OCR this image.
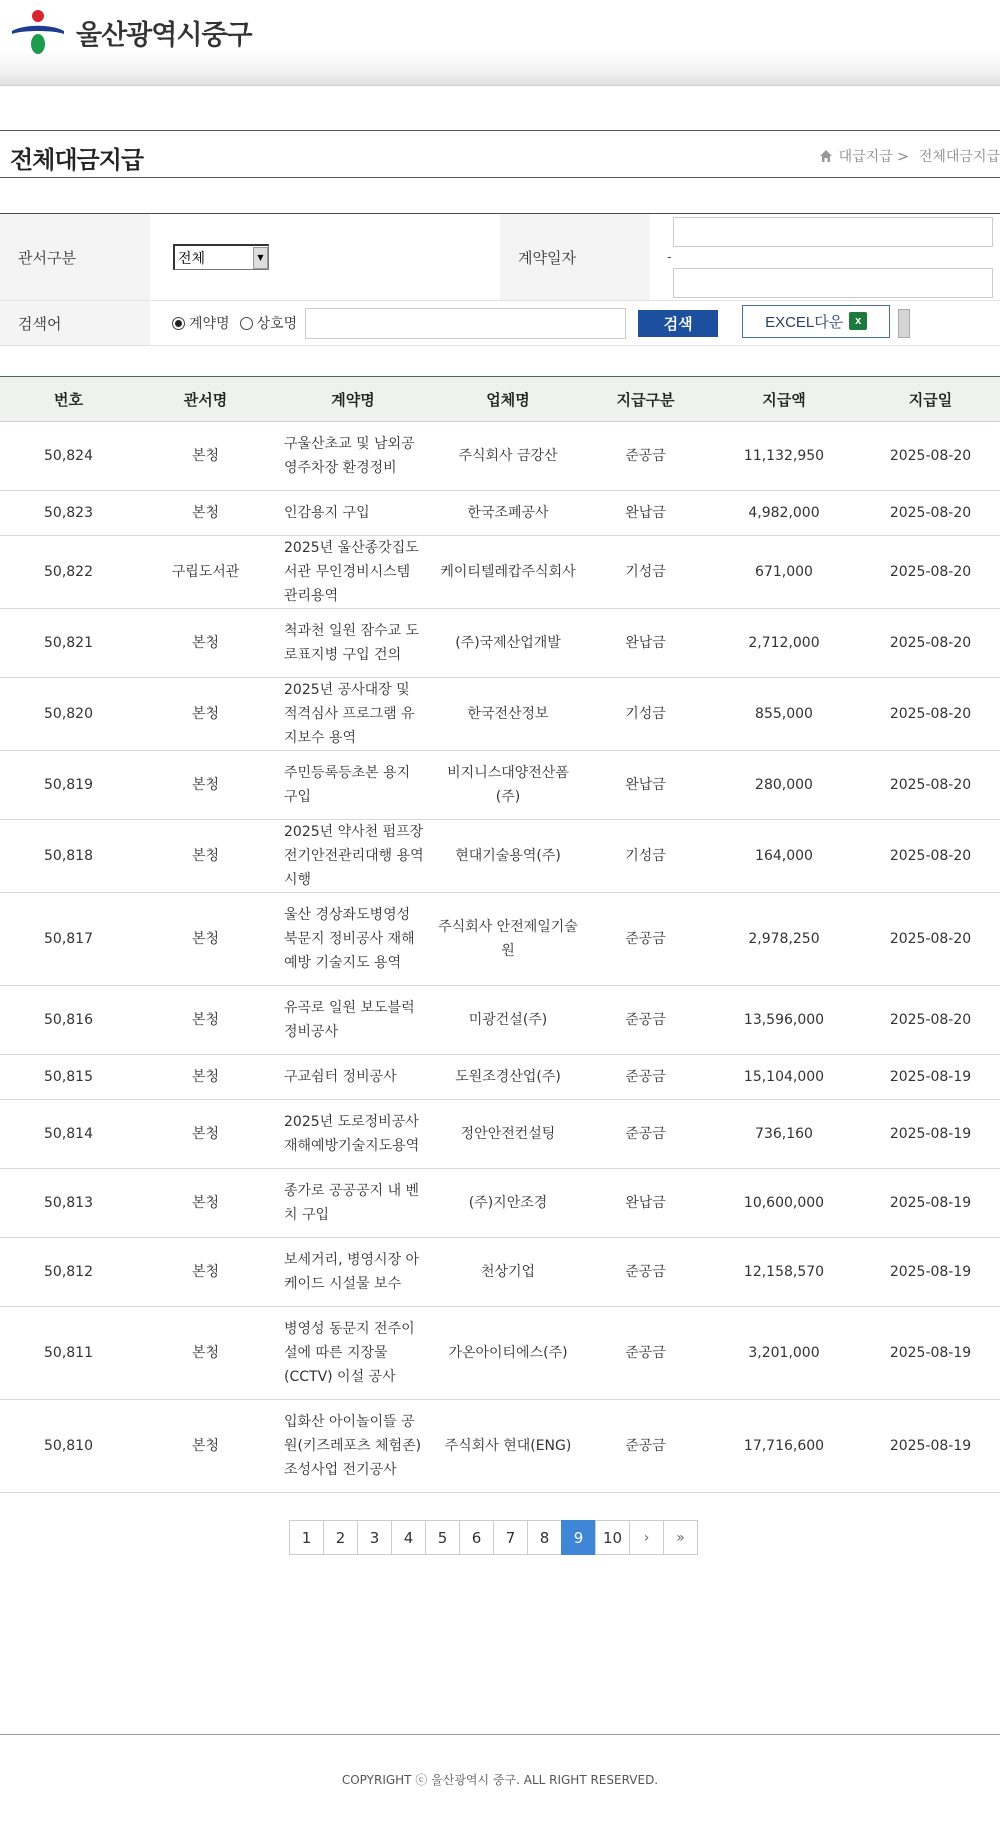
울산광역시중구
전체대금지급	대급지급 > 전체대금지급
관서구분	전체	▼	계약일자	-
검색어	계약명 상호명	검색	EXCEL다운	x
번호	관서명	계약명	업체명	지급구분	지급액	지급일
50,824	본청	구울산초교 및 남외공영주차장 환경정비	주식회사 금강산	준공금	11,132,950	2025-08-20
50,823	본청	인감용지 구입	한국조폐공사	완납금	4,982,000	2025-08-20
50,822	구립도서관	2025년 울산종갓집도서관 무인경비시스템 관리용역	케이티텔레캅주식회사	기성금	671,000	2025-08-20
50,821	본청	척과천 일원 잠수교 도로표지병 구입 건의	(주)국제산업개발	완납금	2,712,000	2025-08-20
50,820	본청	2025년 공사대장 및 적격심사 프로그램 유지보수 용역	한국전산정보	기성금	855,000	2025-08-20
50,819	본청	주민등록등초본 용지 구입	비지니스대양전산폼(주)	완납금	280,000	2025-08-20
50,818	본청	2025년 약사천 펌프장 전기안전관리대행 용역 시행	현대기술용역(주)	기성금	164,000	2025-08-20
50,817	본청	울산 경상좌도병영성 북문지 정비공사 재해예방 기술지도 용역	주식회사 안전제일기술원	준공금	2,978,250	2025-08-20
50,816	본청	유곡로 일원 보도블럭 정비공사	미광건설(주)	준공금	13,596,000	2025-08-20
50,815	본청	구교쉼터 정비공사	도원조경산업(주)	준공금	15,104,000	2025-08-19
50,814	본청	2025년 도로정비공사 재해예방기술지도용역	정안안전컨설팅	준공금	736,160	2025-08-19
50,813	본청	종가로 공공공지 내 벤치 구입	(주)지안조경	완납금	10,600,000	2025-08-19
50,812	본청	보세거리, 병영시장 아케이드 시설물 보수	천상기업	준공금	12,158,570	2025-08-19
50,811	본청	병영성 동문지 전주이설에 따른 지장물(CCTV) 이설 공사	가온아이티에스(주)	준공금	3,201,000	2025-08-19
50,810	본청	입화산 아이놀이뜰 공원(키즈레포츠 체험존) 조성사업 전기공사	주식회사 현대(ENG)	준공금	17,716,600	2025-08-19
1	2	3	4	5	6	7	8	9	10	›	»

COPYRIGHT ⓒ 울산광역시 중구. ALL RIGHT RESERVED.
